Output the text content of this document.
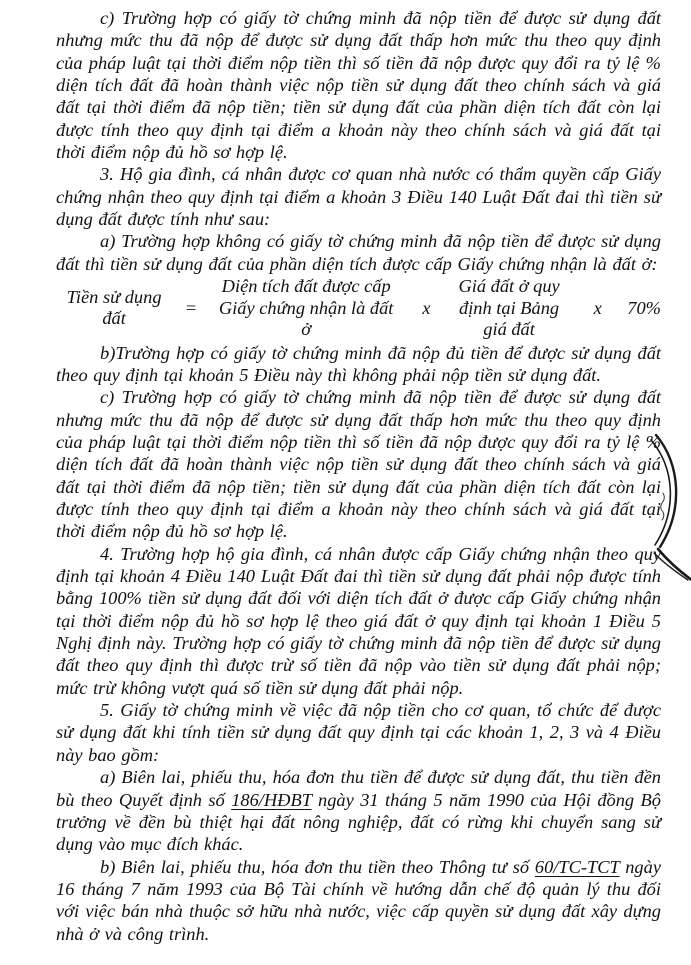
c) Trường hợp có giấy tờ chứng minh đã nộp tiền để được sử dụng đất nhưng mức thu đã nộp để được sử dụng đất thấp hơn mức thu theo quy định của pháp luật tại thời điểm nộp tiền thì số tiền đã nộp được quy đổi ra tỷ lệ % diện tích đất đã hoàn thành việc nộp tiền sử dụng đất theo chính sách và giá đất tại thời điểm đã nộp tiền; tiền sử dụng đất của phần diện tích đất còn lại được tính theo quy định tại điểm a khoản này theo chính sách và giá đất tại thời điểm nộp đủ hồ sơ hợp lệ.

3. Hộ gia đình, cá nhân được cơ quan nhà nước có thẩm quyền cấp Giấy chứng nhận theo quy định tại điểm a khoản 3 Điều 140 Luật Đất đai thì tiền sử dụng đất được tính như sau:

a) Trường hợp không có giấy tờ chứng minh đã nộp tiền để được sử dụng đất thì tiền sử dụng đất của phần diện tích được cấp Giấy chứng nhận là đất ở:

Tiền sử dụng
đất
=
Diện tích đất được cấp
Giấy chứng nhận là đất
ở
x
Giá đất ở quy
định tại Bảng
giá đất
x	70%

b)Trường hợp có giấy tờ chứng minh đã nộp đủ tiền để được sử dụng đất theo quy định tại khoản 5 Điều này thì không phải nộp tiền sử dụng đất.

c) Trường hợp có giấy tờ chứng minh đã nộp tiền để được sử dụng đất nhưng mức thu đã nộp để được sử dụng đất thấp hơn mức thu theo quy định của pháp luật tại thời điểm nộp tiền thì số tiền đã nộp được quy đổi ra tỷ lệ % diện tích đất đã hoàn thành việc nộp tiền sử dụng đất theo chính sách và giá đất tại thời điểm đã nộp tiền; tiền sử dụng đất của phần diện tích đất còn lại được tính theo quy định tại điểm a khoản này theo chính sách và giá đất tại thời điểm nộp đủ hồ sơ hợp lệ.

4. Trường hợp hộ gia đình, cá nhân được cấp Giấy chứng nhận theo quy định tại khoản 4 Điều 140 Luật Đất đai thì tiền sử dụng đất phải nộp được tính bằng 100% tiền sử dụng đất đối với diện tích đất ở được cấp Giấy chứng nhận tại thời điểm nộp đủ hồ sơ hợp lệ theo giá đất ở quy định tại khoản 1 Điều 5 Nghị định này. Trường hợp có giấy tờ chứng minh đã nộp tiền để được sử dụng đất theo quy định thì được trừ số tiền đã nộp vào tiền sử dụng đất phải nộp; mức trừ không vượt quá số tiền sử dụng đất phải nộp.

5. Giấy tờ chứng minh về việc đã nộp tiền cho cơ quan, tổ chức để được sử dụng đất khi tính tiền sử dụng đất quy định tại các khoản 1, 2, 3 và 4 Điều này bao gồm:

a) Biên lai, phiếu thu, hóa đơn thu tiền để được sử dụng đất, thu tiền đền bù theo Quyết định số 186/HĐBT ngày 31 tháng 5 năm 1990 của Hội đồng Bộ trưởng về đền bù thiệt hại đất nông nghiệp, đất có rừng khi chuyển sang sử dụng vào mục đích khác.

b) Biên lai, phiếu thu, hóa đơn thu tiền theo Thông tư số 60/TC-TCT ngày 16 tháng 7 năm 1993 của Bộ Tài chính về hướng dẫn chế độ quản lý thu đối với việc bán nhà thuộc sở hữu nhà nước, việc cấp quyền sử dụng đất xây dựng nhà ở và công trình.
